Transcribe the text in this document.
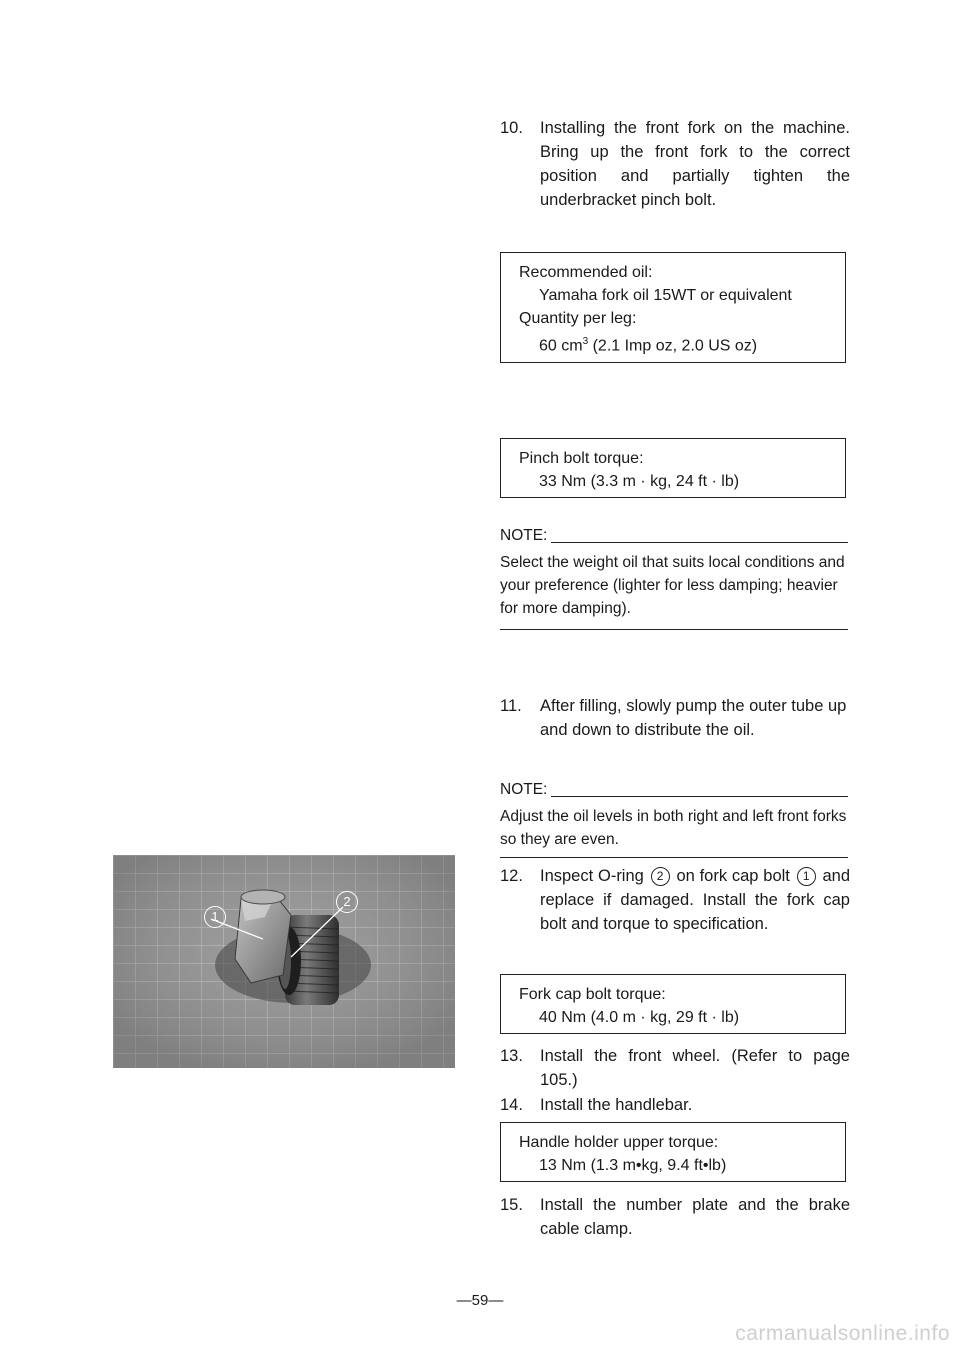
10.	Installing the front fork on the machine. Bring up the front fork to the correct position and partially tighten the underbracket pinch bolt.
Recommended oil:
Yamaha fork oil 15WT or equivalent
Quantity per leg:
60 $cm^3$ (2.1 Imp oz, 2.0 US oz)
Pinch bolt torque:
33 Nm (3.3 m · kg, 24 ft · lb)
NOTE:
Select the weight oil that suits local conditions and your preference (lighter for less damping; heavier for more damping).
11.	After filling, slowly pump the outer tube up and down to distribute the oil.
NOTE:
Adjust the oil levels in both right and left front forks so they are even.
12.	Inspect O-ring 2 on fork cap bolt 1 and replace if damaged. Install the fork cap bolt and torque to specification.
Fork cap bolt torque:
40 Nm (4.0 m · kg, 29 ft · lb)
13.	Install the front wheel. (Refer to page 105.)
14.	Install the handlebar.
Handle holder upper torque:
13 Nm (1.3 m•kg, 9.4 ft•lb)
15.	Install the number plate and the brake cable clamp.
1
2
—59—
carmanualsonline.info
